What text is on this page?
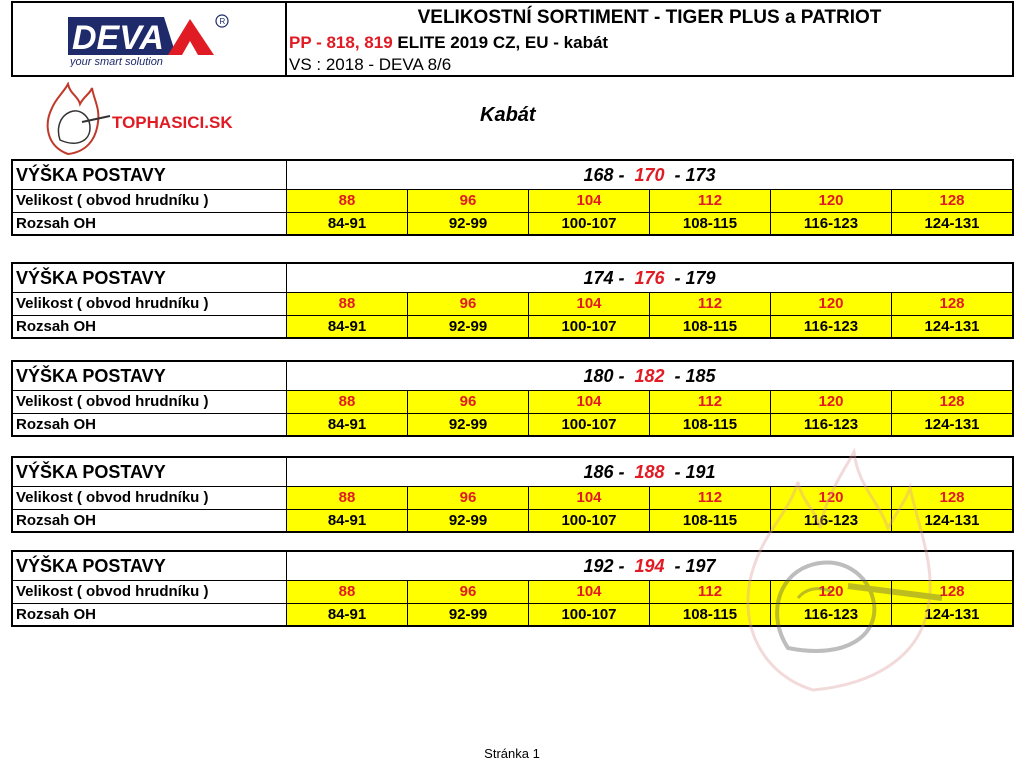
DEVA	R
your smart solution
VELIKOSTNÍ SORTIMENT - TIGER PLUS a PATRIOT
PP - 818, 819 ELITE 2019 CZ, EU - kabát
VS : 2018 - DEVA 8/6
TOPHASICI.SK	Kabát
VÝŠKA POSTAVY	168 - 170 - 173
Velikost ( obvod hrudníku )	88	96	104	112	120	128
Rozsah OH	84-91	92-99	100-107	108-115	116-123	124-131
VÝŠKA POSTAVY	174 - 176 - 179
Velikost ( obvod hrudníku )	88	96	104	112	120	128
Rozsah OH	84-91	92-99	100-107	108-115	116-123	124-131
VÝŠKA POSTAVY	180 - 182 - 185
Velikost ( obvod hrudníku )	88	96	104	112	120	128
Rozsah OH	84-91	92-99	100-107	108-115	116-123	124-131
VÝŠKA POSTAVY	186 - 188 - 191
Velikost ( obvod hrudníku )	88	96	104	112	120	128
Rozsah OH	84-91	92-99	100-107	108-115	116-123	124-131
VÝŠKA POSTAVY	192 - 194 - 197
Velikost ( obvod hrudníku )	88	96	104	112	120	128
Rozsah OH	84-91	92-99	100-107	108-115	116-123	124-131
Stránka 1
